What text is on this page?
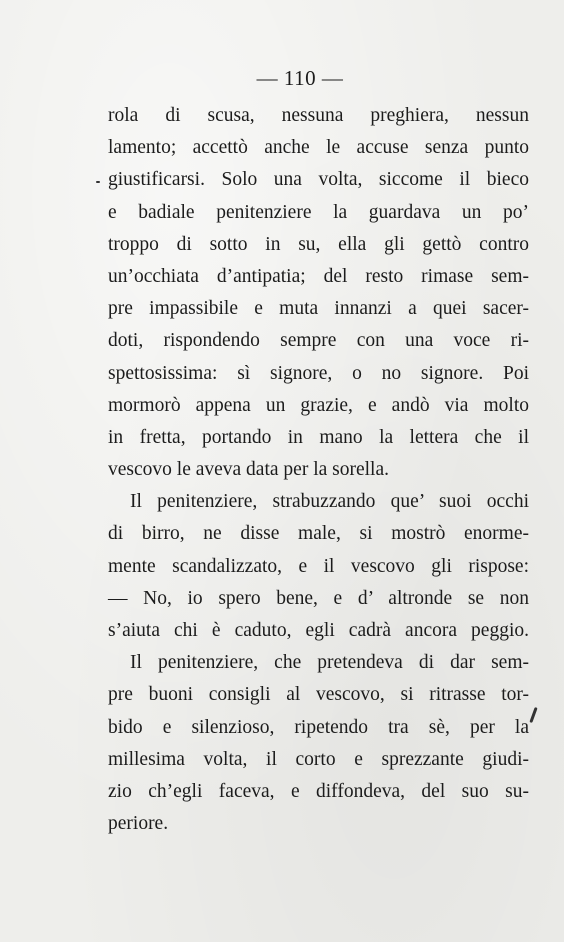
— 110 —
rola di scusa, nessuna preghiera, nessun
lamento; accettò anche le accuse senza punto
giustificarsi. Solo una volta, siccome il bieco
e badiale penitenziere la guardava un po’
troppo di sotto in su, ella gli gettò contro
un’occhiata d’antipatia; del resto rimase sem-
pre impassibile e muta innanzi a quei sacer-
doti, rispondendo sempre con una voce ri-
spettosissima: sì signore, o no signore. Poi
mormorò appena un grazie, e andò via molto
in fretta, portando in mano la lettera che il
vescovo le aveva data per la sorella.
Il penitenziere, strabuzzando que’ suoi occhi
di birro, ne disse male, si mostrò enorme-
mente scandalizzato, e il vescovo gli rispose:
— No, io spero bene, e d’ altronde se non
s’aiuta chi è caduto, egli cadrà ancora peggio.
Il penitenziere, che pretendeva di dar sem-
pre buoni consigli al vescovo, si ritrasse tor-
bido e silenzioso, ripetendo tra sè, per la
millesima volta, il corto e sprezzante giudi-
zio ch’egli faceva, e diffondeva, del suo su-
periore.
